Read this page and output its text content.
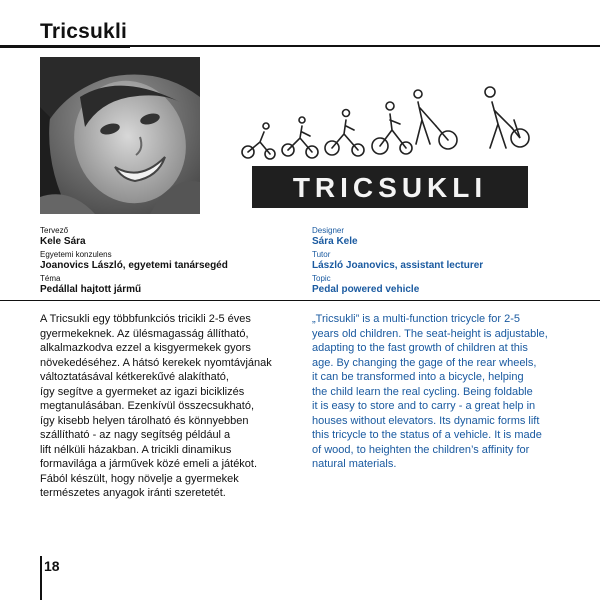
Tricsukli
TRICSUKLI
Tervező
Kele Sára
Egyetemi konzulens
Joanovics László, egyetemi tanársegéd
Téma
Pedállal hajtott jármű
Designer
Sára Kele
Tutor
László Joanovics, assistant lecturer
Topic
Pedal powered vehicle
A Tricsukli egy többfunkciós tricikli 2-5 éves
gyermekeknek. Az ülésmagasság állítható,
alkalmazkodva ezzel a kisgyermekek gyors
növekedéséhez. A hátsó kerekek nyomtávjának
változtatásával kétkerekűvé alakítható,
így segítve a gyermeket az igazi biciklizés
megtanulásában. Ezenkívül összecsukható,
így kisebb helyen tárolható és könnyebben
szállítható - az nagy segítség például a
lift nélküli házakban. A tricikli dinamikus
formavilága a járművek közé emeli a játékot.
Fából készült, hogy növelje a gyermekek
természetes anyagok iránti szeretetét.
„Tricsukli” is a multi-function tricycle for 2-5
years old children. The seat-height is adjustable,
adapting to the fast growth of children at this
age. By changing the gage of the rear wheels,
it can be transformed into a bicycle, helping
the child learn the real cycling. Being foldable
it is easy to store and to carry - a great help in
houses without elevators. Its dynamic forms lift
this tricycle to the status of a vehicle. It is made
of wood, to heighten the children’s affinity for
natural materials.
18
